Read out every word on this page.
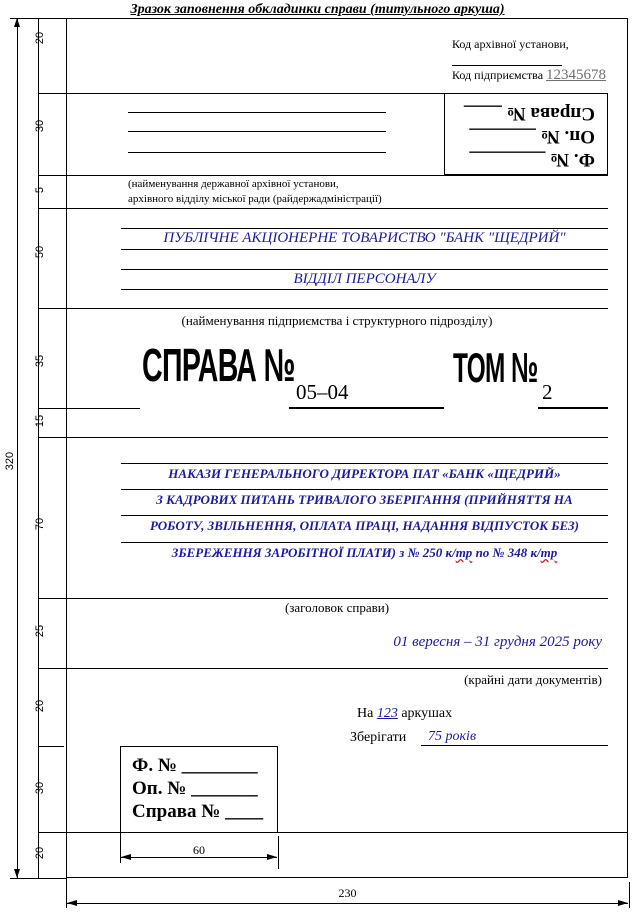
Зразок заповнення обкладинки справи (титульного аркуша)
320
20
30
5
50
35
15
70
25
20
30
20
Код архівної установи,
Код підприємства 12345678
Ф. № ________
Оп. № _______
Справа № ____
(найменування державної архівної установи,
архівного відділу міської ради (райдержадміністрації)
ПУБЛІЧНЕ АКЦІОНЕРНЕ ТОВАРИСТВО "БАНК "ЩЕДРИЙ"
ВІДДІЛ ПЕРСОНАЛУ
(найменування підприємства і структурного підрозділу)
СПРАВА №
05–04
ТОМ №
2
НАКАЗИ ГЕНЕРАЛЬНОГО ДИРЕКТОРА ПАТ «БАНК «ЩЕДРИЙ»
З КАДРОВИХ ПИТАНЬ ТРИВАЛОГО ЗБЕРІГАННЯ (ПРИЙНЯТТЯ НА
РОБОТУ, ЗВІЛЬНЕННЯ, ОПЛАТА ПРАЦІ, НАДАННЯ ВІДПУСТОК БЕЗ)
ЗБЕРЕЖЕННЯ ЗАРОБІТНОЇ ПЛАТИ) з № 250 к/тр по № 348 к/тр
(заголовок справи)
01 вересня – 31 грудня 2025 року
(крайні дати документів)
На 123 аркушах
Зберігати 75 років
Ф. № ________
Оп. № _______
Справа № ____
60
230
